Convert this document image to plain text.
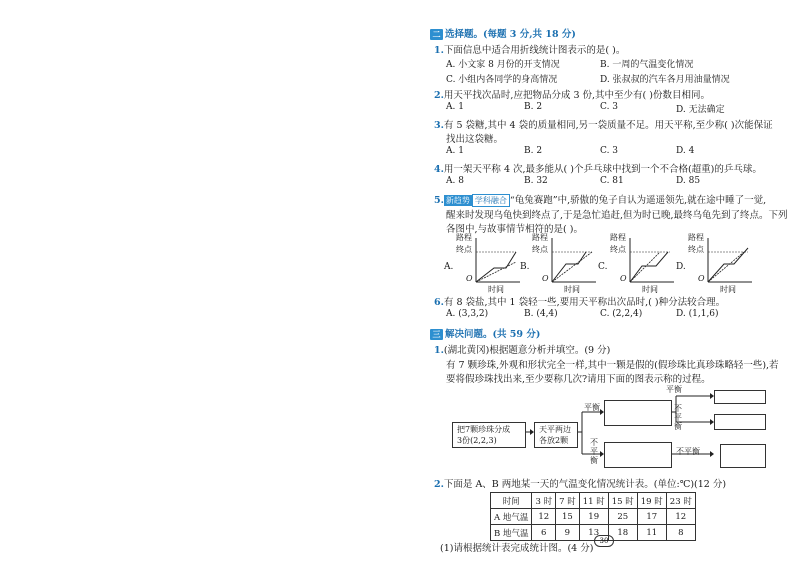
二 选择题。(每题 3 分,共 18 分)
1.下面信息中适合用折线统计图表示的是( )。
A. 小文家 8 月份的开支情况	B. 一周的气温变化情况
C. 小组内各同学的身高情况	D. 张叔叔的汽车各月用油量情况
2.用天平找次品时,应把物品分成 3 份,其中至少有( )份数目相同。
A. 1	B. 2	C. 3	D. 无法确定
3.有 5 袋糖,其中 4 袋的质量相同,另一袋质量不足。用天平称,至少称( )次能保证
找出这袋糖。
A. 1	B. 2	C. 3	D. 4
4.用一架天平称 4 次,最多能从( )个乒乓球中找到一个不合格(超重)的乒乓球。
A. 8	B. 32	C. 81	D. 85
5. 新趋势 学科融合 “龟兔赛跑”中,骄傲的兔子自认为遥遥领先,就在途中睡了一觉,
醒来时发现乌龟快到终点了,于是急忙追赶,但为时已晚,最终乌龟先到了终点。下列
各图中,与故事情节相符的是( )。
A.
路程
终点
O
时间
B.
路程
终点
O
时间
C.
路程
终点
O
时间
D.
路程
终点
O
时间
6.有 8 袋盐,其中 1 袋轻一些,要用天平称出次品时,( )种分法较合理。
A. (3,3,2)	B. (4,4)	C. (2,2,4)	D. (1,1,6)
三 解决问题。(共 59 分)
1.(湖北黄冈)根据题意分析并填空。(9 分)
有 7 颗珍珠,外观和形状完全一样,其中一颗是假的(假珍珠比真珍珠略轻一些),若
要将假珍珠找出来,至少要称几次?请用下面的图表示称的过程。
把7颗珍珠分成
3份(2,2,3)
天平两边
各放2颗
平衡
不平衡
平衡
不平衡
不平衡
2.下面是 A、B 两地某一天的气温变化情况统计表。(单位:℃)(12 分)
时间	3 时	7 时	11 时	15 时	19 时	23 时
A 地气温	12	15	19	25	17	12
B 地气温	6	9	13	18	11	8
(1)请根据统计表完成统计图。(4 分)
30
